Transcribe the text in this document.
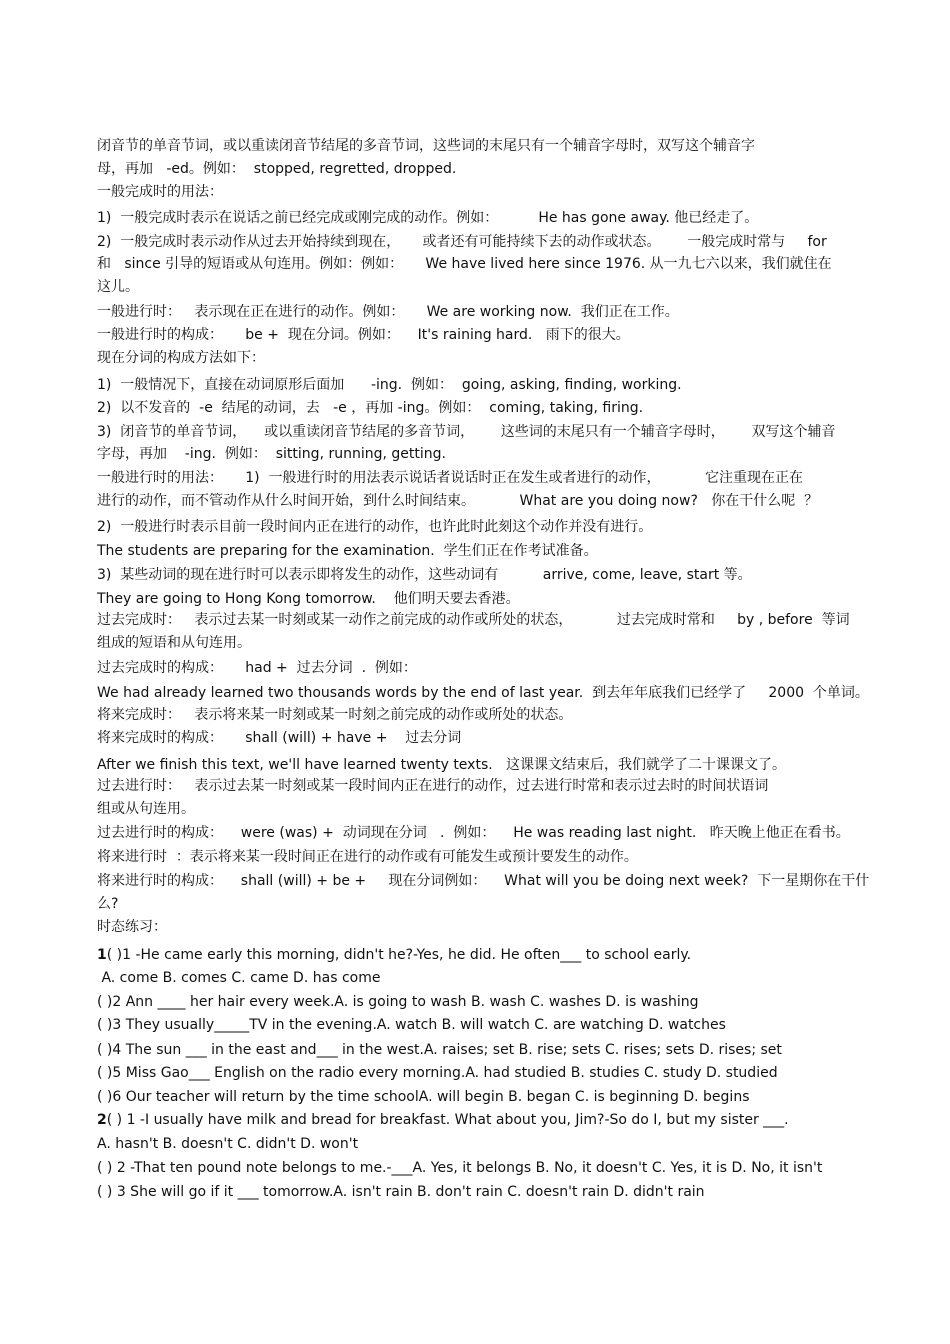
闭音节的单音节词，或以重读闭音节结尾的多音节词，这些词的末尾只有一个辅音字母时，双写这个辅音字
母，再加   -ed。例如：  stopped, regretted, dropped.
一般完成时的用法：
1)  一般完成时表示在说话之前已经完成或刚完成的动作。例如：         He has gone away. 他已经走了。
2)  一般完成时表示动作从过去开始持续到现在，     或者还有可能持续下去的动作或状态。      一般完成时常与     for
和   since 引导的短语或从句连用。例如：例如：     We have lived here since 1976. 从一九七六以来，我们就住在
这儿。
一般进行时：   表示现在正在进行的动作。例如：     We are working now.  我们正在工作。
一般进行时的构成：     be +  现在分词。例如：    It's raining hard.   雨下的很大。
现在分词的构成方法如下：
1)  一般情况下，直接在动词原形后面加      -ing.  例如：  going, asking, finding, working.
2)  以不发音的  -e  结尾的动词，去   -e ，再加 -ing。例如：  coming, taking, firing.
3)  闭音节的单音节词，    或以重读闭音节结尾的多音节词，      这些词的末尾只有一个辅音字母时，      双写这个辅音
字母，再加    -ing.  例如：  sitting, running, getting.
一般进行时的用法：     1)  一般进行时的用法表示说话者说话时正在发生或者进行的动作，          它注重现在正在
进行的动作，而不管动作从什么时间开始，到什么时间结束。          What are you doing now?   你在干什么呢  ？
2)  一般进行时表示目前一段时间内正在进行的动作，也许此时此刻这个动作并没有进行。
The students are preparing for the examination.  学生们正在作考试准备。
3)  某些动词的现在进行时可以表示即将发生的动作，这些动词有          arrive, come, leave, start 等。
They are going to Hong Kong tomorrow.    他们明天要去香港。
过去完成时：   表示过去某一时刻或某一动作之前完成的动作或所处的状态，          过去完成时常和     by , before  等词
组成的短语和从句连用。
过去完成时的构成：     had +  过去分词  .  例如：
We had already learned two thousands words by the end of last year.  到去年年底我们已经学了     2000  个单词。
将来完成时：   表示将来某一时刻或某一时刻之前完成的动作或所处的状态。
将来完成时的构成：     shall (will) + have +    过去分词
After we finish this text, we'll have learned twenty texts.   这课课文结束后，我们就学了二十课课文了。
过去进行时：   表示过去某一时刻或某一段时间内正在进行的动作，过去进行时常和表示过去时的时间状语词
组或从句连用。
过去进行时的构成：    were (was) +  动词现在分词   .  例如：    He was reading last night.   昨天晚上他正在看书。
将来进行时  ：表示将来某一段时间正在进行的动作或有可能发生或预计要发生的动作。
将来进行时的构成：    shall (will) + be +     现在分词例如：    What will you be doing next week?  下一星期你在干什
么?
时态练习：
1( )1 -He came early this morning, didn't he?-Yes, he did. He often___ to school early.
A. come B. comes C. came D. has come
( )2 Ann ____ her hair every week.A. is going to wash B. wash C. washes D. is washing
( )3 They usually_____TV in the evening.A. watch B. will watch C. are watching D. watches
( )4 The sun ___ in the east and___ in the west.A. raises; set B. rise; sets C. rises; sets D. rises; set
( )5 Miss Gao___ English on the radio every morning.A. had studied B. studies C. study D. studied
( )6 Our teacher will return by the time schoolA. will begin B. began C. is beginning D. begins
2( ) 1 -I usually have milk and bread for breakfast. What about you, Jim?-So do I, but my sister ___.
A. hasn't B. doesn't C. didn't D. won't
( ) 2 -That ten pound note belongs to me.-___A. Yes, it belongs B. No, it doesn't C. Yes, it is D. No, it isn't
( ) 3 She will go if it ___ tomorrow.A. isn't rain B. don't rain C. doesn't rain D. didn't rain
